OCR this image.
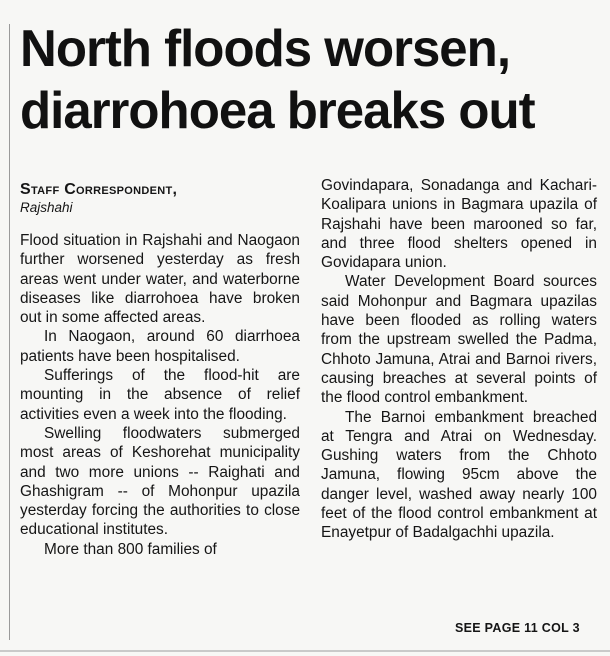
North floods worsen, diarrohoea breaks out

Staff Correspondent,

Rajshahi

Flood situation in Rajshahi and Naogaon further worsened yesterday as fresh areas went under water, and waterborne diseases like diarrohoea have broken out in some affected areas.

In Naogaon, around 60 diarrhoea patients have been hospitalised.

Sufferings of the flood-hit are mounting in the absence of relief activities even a week into the flooding.

Swelling floodwaters submerged most areas of Keshorehat municipality and two more unions -- Raighati and Ghashigram -- of Mohonpur upazila yesterday forcing the authorities to close educational institutes.

More than 800 families of

Govindapara, Sonadanga and Kachari-Koalipara unions in Bagmara upazila of Rajshahi have been marooned so far, and three flood shelters opened in Govidapara union.

Water Development Board sources said Mohonpur and Bagmara upazilas have been flooded as rolling waters from the upstream swelled the Padma, Chhoto Jamuna, Atrai and Barnoi rivers, causing breaches at several points of the flood control embankment.

The Barnoi embankment breached at Tengra and Atrai on Wednesday. Gushing waters from the Chhoto Jamuna, flowing 95cm above the danger level, washed away nearly 100 feet of the flood control embankment at Enayetpur of Badalgachhi upazila.

SEE PAGE 11 COL 3
